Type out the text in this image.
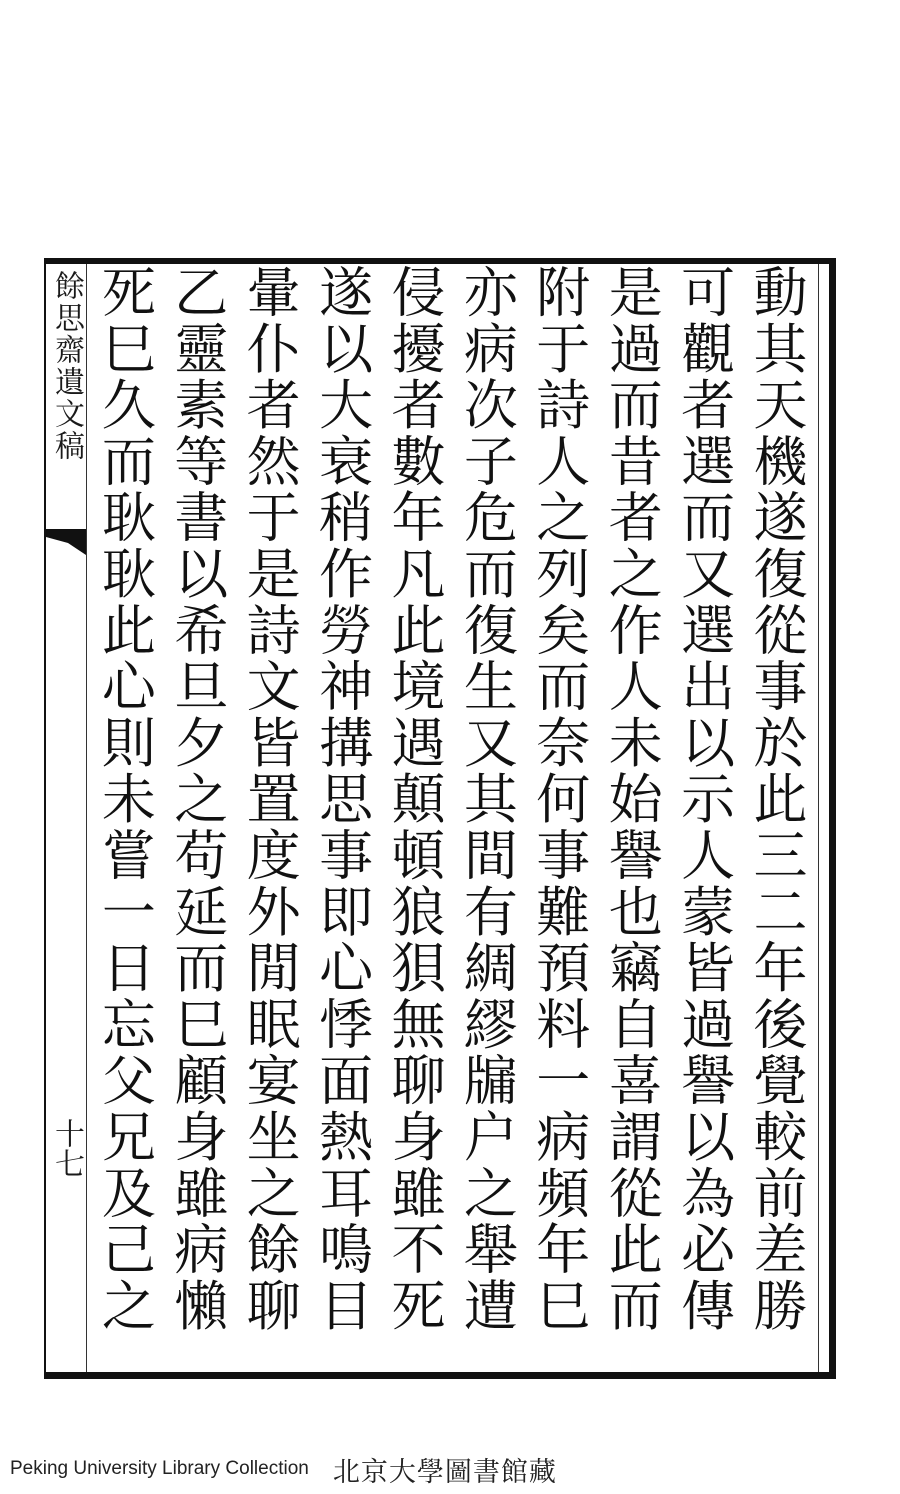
餘思齋遺文稿
十七
動其天機遂復從事於此三二年後覺較前差勝
可觀者選而又選出以示人蒙皆過譽以為必傳
是過而昔者之作人未始譽也竊自喜謂從此而
附于詩人之列矣而奈何事難預料一病頻年巳
亦病次子危而復生又其間有綢繆牖户之舉遭
侵擾者數年凡此境遇顛頓狼狽無聊身雖不死
遂以大衰稍作勞神搆思事即心悸面熱耳鳴目
暈仆者然于是詩文皆置度外閒眠宴坐之餘聊
乙靈素等書以希旦夕之苟延而巳顧身雖病懶
死巳久而耿耿此心則未嘗一日忘父兄及己之
Peking University Library Collection 北京大學圖書館藏
